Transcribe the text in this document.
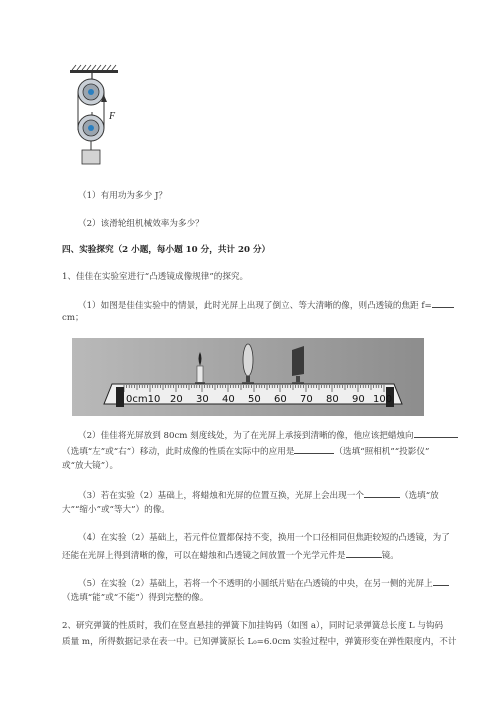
F
（1）有用功为多少 J？
（2）该滑轮组机械效率为多少？
四、实验探究（2 小题，每小题 10 分，共计 20 分）
1、佳佳在实验室进行“凸透镜成像规律”的探究。
（1）如图是佳佳实验中的情景，此时光屏上出现了倒立、等大清晰的像，则凸透镜的焦距 f=
cm；
0cm10 20 30 40 50 60 70 80 90 100
（2）佳佳将光屏放到 80cm 刻度线处，为了在光屏上承接到清晰的像，他应该把蜡烛向
（选填“左”或“右”）移动，此时成像的性质在实际中的应用是	（选填“照相机”“投影仪”
或“放大镜”）。
（3）若在实验（2）基础上，将蜡烛和光屏的位置互换，光屏上会出现一个	（选填“放
大”“缩小”或“等大”）的像。
（4）在实验（2）基础上，若元件位置都保持不变，换用一个口径相同但焦距较短的凸透镜，为了
还能在光屏上得到清晰的像，可以在蜡烛和凸透镜之间放置一个光学元件是	镜。
（5）在实验（2）基础上，若将一个不透明的小圆纸片贴在凸透镜的中央，在另一侧的光屏上
（选填“能”或“不能”）得到完整的像。
2、研究弹簧的性质时，我们在竖直悬挂的弹簧下加挂钩码（如图 a），同时记录弹簧总长度 L 与钩码
质量 m，所得数据记录在表一中。已知弹簧原长 L₀=6.0cm 实验过程中，弹簧形变在弹性限度内，不计
